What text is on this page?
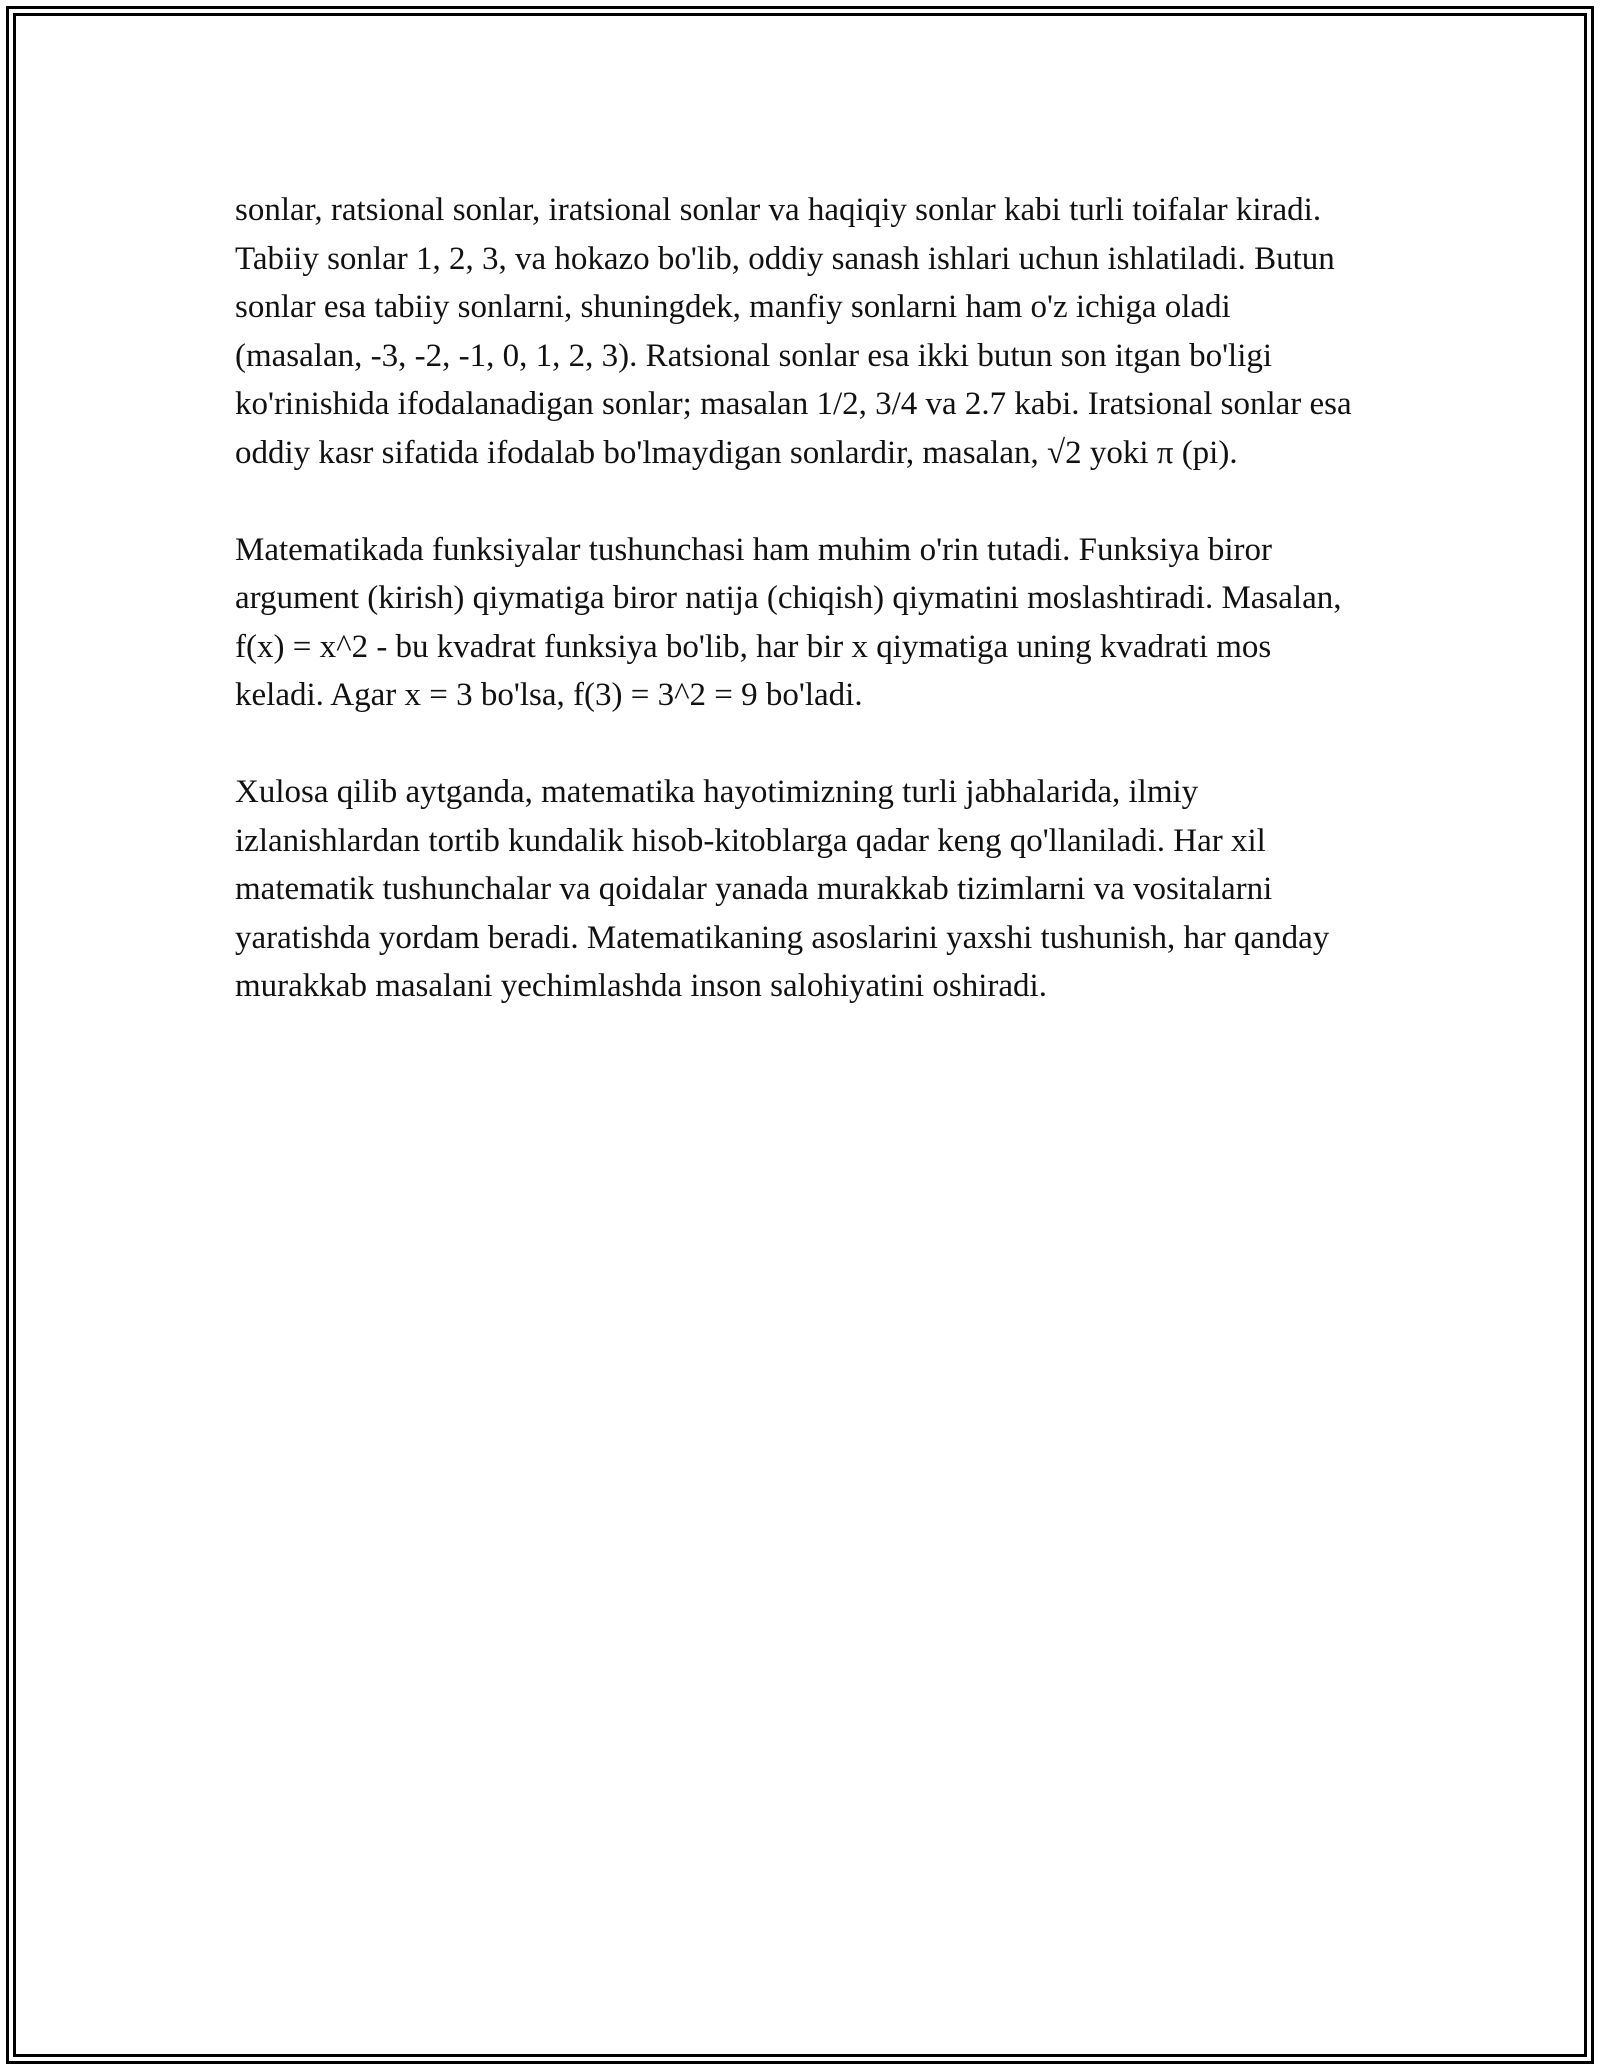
sonlar, ratsional sonlar, iratsional sonlar va haqiqiy sonlar kabi turli toifalar kiradi. Tabiiy sonlar 1, 2, 3, va hokazo bo'lib, oddiy sanash ishlari uchun ishlatiladi. Butun sonlar esa tabiiy sonlarni, shuningdek, manfiy sonlarni ham o'z ichiga oladi (masalan, -3, -2, -1, 0, 1, 2, 3). Ratsional sonlar esa ikki butun son itgan bo'ligi ko'rinishida ifodalanadigan sonlar; masalan 1/2, 3/4 va 2.7 kabi. Iratsional sonlar esa oddiy kasr sifatida ifodalab bo'lmaydigan sonlardir, masalan, √2 yoki π (pi).

Matematikada funksiyalar tushunchasi ham muhim o'rin tutadi. Funksiya biror argument (kirish) qiymatiga biror natija (chiqish) qiymatini moslashtiradi. Masalan, f(x) = x^2 - bu kvadrat funksiya bo'lib, har bir x qiymatiga uning kvadrati mos keladi. Agar x = 3 bo'lsa, f(3) = 3^2 = 9 bo'ladi.

Xulosa qilib aytganda, matematika hayotimizning turli jabhalarida, ilmiy izlanishlardan tortib kundalik hisob-kitoblarga qadar keng qo'llaniladi. Har xil matematik tushunchalar va qoidalar yanada murakkab tizimlarni va vositalarni yaratishda yordam beradi. Matematikaning asoslarini yaxshi tushunish, har qanday murakkab masalani yechimlashda inson salohiyatini oshiradi.
